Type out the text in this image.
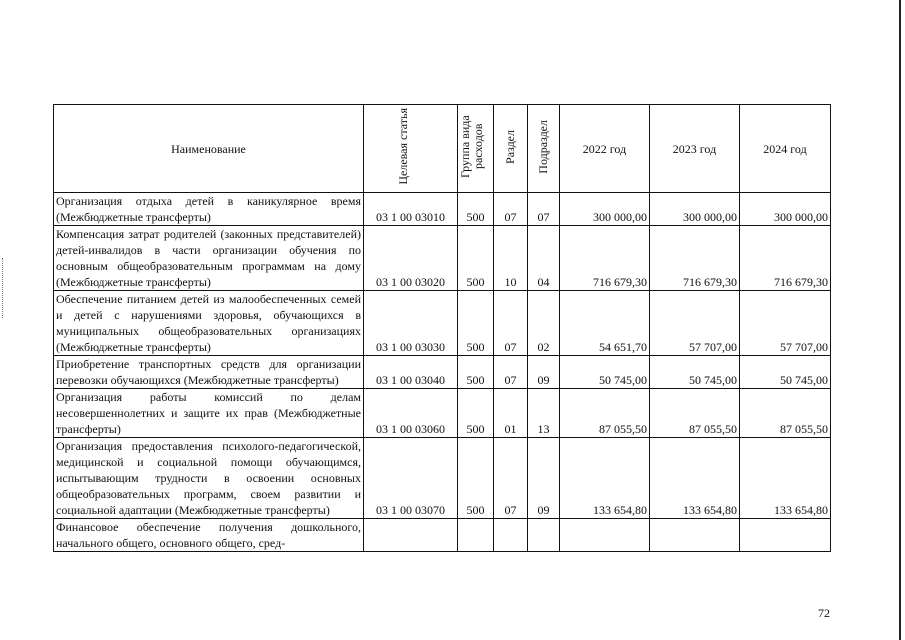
Наименование	Целевая статья	Группа вида расходов	Раздел	Подраздел	2022 год	2023 год	2024 год
Организация отдыха детей в каникулярное время (Межбюджетные трансферты)	03 1 00 03010	500	07	07	300 000,00	300 000,00	300 000,00
Компенсация затрат родителей (законных представителей) детей-инвалидов в части организации обучения по основным общеобразовательным программам на дому (Межбюджетные трансферты)	03 1 00 03020	500	10	04	716 679,30	716 679,30	716 679,30
Обеспечение питанием детей из малообеспеченных семей и детей с нарушениями здоровья, обучающихся в муниципальных общеобразовательных организациях (Межбюджетные трансферты)	03 1 00 03030	500	07	02	54 651,70	57 707,00	57 707,00
Приобретение транспортных средств для организации перевозки обучающихся (Межбюджетные трансферты)	03 1 00 03040	500	07	09	50 745,00	50 745,00	50 745,00
Организация работы комиссий по делам несовершеннолетних и защите их прав (Межбюджетные трансферты)	03 1 00 03060	500	01	13	87 055,50	87 055,50	87 055,50
Организация предоставления психолого-педагогической, медицинской и социальной помощи обучающимся, испытывающим трудности в освоении основных общеобразовательных программ, своем развитии и социальной адаптации (Межбюджетные трансферты)	03 1 00 03070	500	07	09	133 654,80	133 654,80	133 654,80
Финансовое обеспечение получения дошкольного, начального общего, основного общего, сред-							
72
